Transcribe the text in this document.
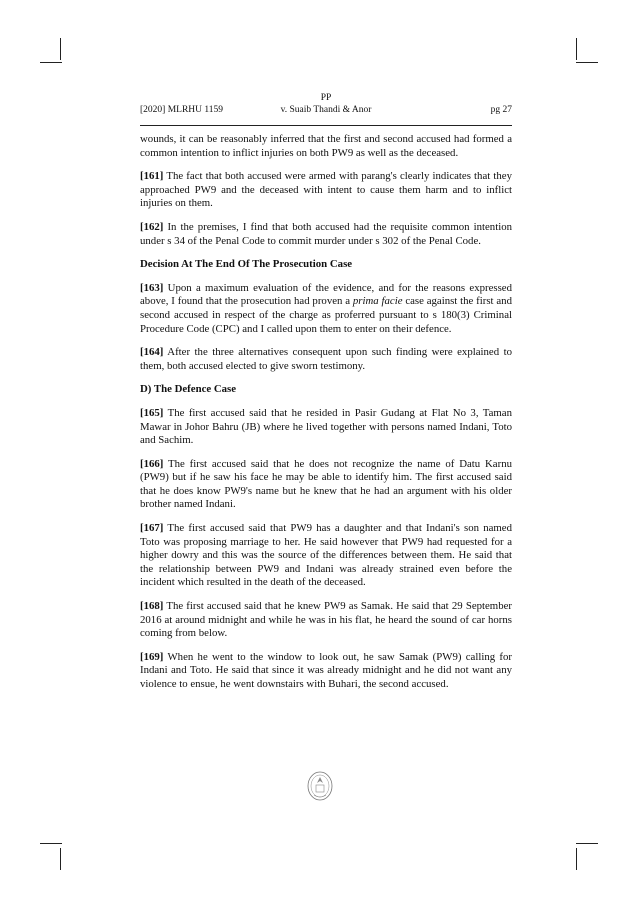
PP
[2020] MLRHU 1159	v. Suaib Thandi & Anor	pg 27

wounds, it can be reasonably inferred that the first and second accused had formed a common intention to inflict injuries on both PW9 as well as the deceased.

[161] The fact that both accused were armed with parang's clearly indicates that they approached PW9 and the deceased with intent to cause them harm and to inflict injuries on them.

[162] In the premises, I find that both accused had the requisite common intention under s 34 of the Penal Code to commit murder under s 302 of the Penal Code.

Decision At The End Of The Prosecution Case

[163] Upon a maximum evaluation of the evidence, and for the reasons expressed above, I found that the prosecution had proven a prima facie case against the first and second accused in respect of the charge as proferred pursuant to s 180(3) Criminal Procedure Code (CPC) and I called upon them to enter on their defence.

[164] After the three alternatives consequent upon such finding were explained to them, both accused elected to give sworn testimony.

D) The Defence Case

[165] The first accused said that he resided in Pasir Gudang at Flat No 3, Taman Mawar in Johor Bahru (JB) where he lived together with persons named Indani, Toto and Sachim.

[166] The first accused said that he does not recognize the name of Datu Karnu (PW9) but if he saw his face he may be able to identify him. The first accused said that he does know PW9's name but he knew that he had an argument with his older brother named Indani.

[167] The first accused said that PW9 has a daughter and that Indani's son named Toto was proposing marriage to her. He said however that PW9 had requested for a higher dowry and this was the source of the differences between them. He said that the relationship between PW9 and Indani was already strained even before the incident which resulted in the death of the deceased.

[168] The first accused said that he knew PW9 as Samak. He said that 29 September 2016 at around midnight and while he was in his flat, he heard the sound of car horns coming from below.

[169] When he went to the window to look out, he saw Samak (PW9) calling for Indani and Toto. He said that since it was already midnight and he did not want any violence to ensue, he went downstairs with Buhari, the second accused.
